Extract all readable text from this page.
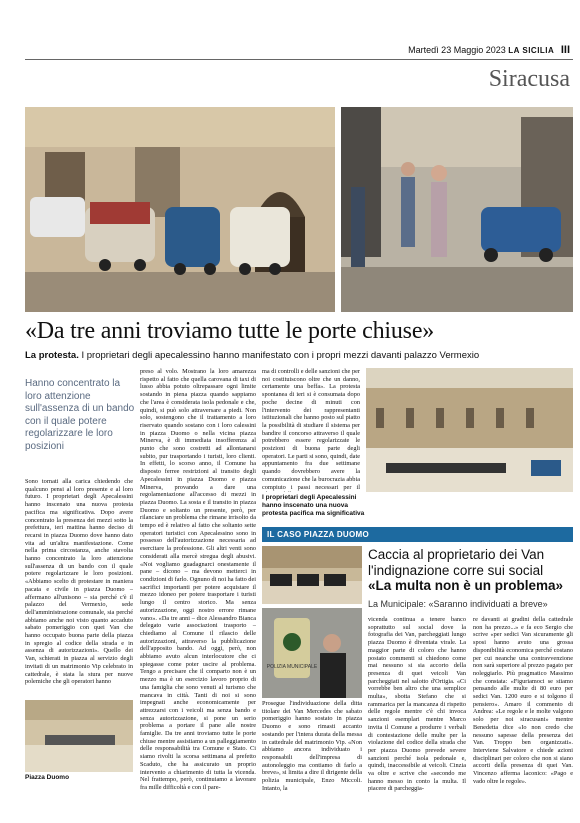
Martedì 23 Maggio 2023 LA SICILIA III
Siracusa
«Da tre anni troviamo tutte le porte chiuse»
La protesta. I proprietari degli apecalessino hanno manifestato con i propri mezzi davanti palazzo Vermexio
Hanno concentrato la loro attenzione sull'assenza di un bando con il quale potere regolarizzare le loro posizioni
Sono tornati alla carica chiedendo che qualcuno pensi al loro presente e al loro futuro. I proprietari degli Apecalessini hanno inscenato una nuova protesta pacifica ma significativa. Dopo avere concentrato la presenza dei mezzi sotto la prefettura, ieri mattina hanno deciso di recarsi in piazza Duomo dove hanno dato vita ad un'altra manifestazione. Come nella prima circostanza, anche stavolta hanno concentrato la loro attenzione sull'assenza di un bando con il quale potere regolarizzare le loro posizioni. «Abbiamo scelto di protestare in maniera pacata e civile in piazza Duomo – affermano all'unisono – sia perché c'è il palazzo del Vermexio, sede dell'amministrazione comunale, sia perché abbiamo anche noi visto quanto accaduto sabato pomeriggio con quei Van che hanno occupato buona parte della piazza in spregio al codice della strada e in assenza di autorizzazioni». Quello dei Van, schierati in piazza al servizio degli invitati di un matrimonio Vip celebrato in cattedrale, è stata la stura per nuove polemiche che gli operatori hanno
Piazza Duomo
preso al volo. Mostrano la loro amarezza rispetto al fatto che quella carovana di taxi di lusso abbia potuto oltrepassare ogni limite sostando in piena piazza quando sappiamo che l'area è considerata isola pedonale e che, quindi, si può solo attraversare a piedi. Non solo, sostengono che il trattamento a loro riservato quando sostano con i loro calessini in piazza Duomo o nella vicina piazza Minerva, è di immediata insofferenza al punto che sono costretti ad allontanarsi subito, pur trasportando i turisti, loro clienti. In effetti, lo scorso anno, il Comune ha disposto ferree restrizioni al transito degli Apecalessini in piazza Duomo e piazza Minerva, provando a dare una regolamentazione all'accesso di mezzi in piazza Duomo. La sosta e il transito in piazza Duomo e soltanto un presente, però, per rilanciare un problema che rimane irrisolto da tempo ed è relativo al fatto che soltanto sette operatori turistici con Apecalessino sono in possesso dell'autorizzazione necessaria ad esercitare la professione. Gli altri venti sono considerati alla mercè stregua degli abusivi. «Noi vogliamo guadagnarci onestamente il pane – dicono – ma devono metterci in condizioni di farlo. Ognuno di noi ha fatto dei sacrifici importanti per potere acquistare il mezzo idoneo per potere trasportare i turisti lungo il centro storico. Ma senza autorizzazione, oggi nostro errore rimane vano». «Da tre anni – dice Alessandro Bianca delegato varie associazioni trasporto – chiediamo al Comune il rilascio delle autorizzazioni, attraverso la pubblicazione dell'apposito bando. Ad oggi, però, non abbiamo avuto alcun interlocutore che ci spiegasse come poter uscire al problema. Tengo a precisare che il comparto non è un mezzo ma è un esercizio lavoro proprio di una famiglia che sono venuti al turismo che mancava in città. Tanti di noi si sono impegnati anche economicamente per attrezzarsi con i veicoli ma senza bando e senza autorizzazione, si pone un serio problema a portare il pane alle nostre famiglie. Da tre anni troviamo tutte le porte chiuse mentre assistiamo a un palleggiamento delle responsabilità tra Comune e Stato. Ci siamo rivolti la scorsa settimana al prefetto Scaduto, che ha assicurato un proprio intervento a chiarimento di tutta la vicenda. Nel frattempo, però, continuiamo a lavorare fra mille difficoltà e con il pare-
ma di controlli e delle sanzioni che per noi costituiscono oltre che un danno, certamente una beffa». La protesta spontanea di ieri si è consumata dopo poche decine di minuti con l'intervento dei rappresentanti istituzionali che hanno posto sul piatto la possibilità di studiare il sistema per bandire il concorso attraverso il quale potrebbero essere regolarizzate le posizioni di buona parte degli operatori. Le parti si sono, quindi, date appuntamento fra due settimane quando dovrebbero avere la comunicazione che la burocrazia abbia compiuto i passi necessari per il
I proprietari degli Apecalessini hanno inscenato una nuova protesta pacifica ma significativa
IL CASO PIAZZA DUOMO
POLIZIA MUNICIPALE
Caccia al proprietario dei Van l'indignazione corre sui social
«La multa non è un problema»
La Municipale: «Saranno individuati a breve»
Prosegue l'individuazione della ditta titolare dei Van Mercedes che sabato pomeriggio hanno sostato in piazza Duomo e sono rimasti accanto sostando per l'intera durata della messa in cattedrale del matrimonio Vip. «Non abbiamo ancora individuato i responsabili dell'impresa di autonoleggio ma contiamo di farlo a breve», si limita a dire il dirigente della polizia municipale, Enzo Miccoli. Intanto, la
vicenda continua a tenere banco soprattutto sul social dove la fotografia dei Van, parcheggiati lungo piazza Duomo è diventata virale. La maggior parte di coloro che hanno postato commenti si chiedono come mai nessuno si sia accorto della presenza di quei veicoli Van parcheggiati nel salotto d'Ortigia. «Ci vorrebbe ben altro che una semplice multa», sbotta Stefano che si rammarica per la mancanza di rispetto delle regole mentre c'è chi invoca sanzioni esemplari mentre Marco invita il Comune a produrre i verbali di contestazione delle multe per la violazione del codice della strada che per piazza Duomo prevede severe sanzioni perché isola pedonale e, quindi, inaccessibile ai veicoli. Cinzia va oltre e scrive che «secondo me hanno messo in conto la multa. Il piacere di parcheggia-
re davanti ai gradini della cattedrale non ha prezzo...» e fa eco Sergio che scrive «per sedici Van sicuramente gli sposi hanno avuto una grossa disponibilità economica perché costano per cui neanche una contravvenzione non sarà superiore al prezzo pagato per noleggiarlo. Più pragmatico Massimo che constata: «Figuriamoci se stiamo pensando alle multe di 80 euro per sedici Van. 1200 euro e si tolgono il pensiero». Amaro il commento di Andrea: «Le regole e le molte valgono solo per noi siracusani» mentre Benedetta dice «Io non credo che nessuno sapesse della presenza dei Van. Troppo ben organizzati». Interviene Salvatore e chiede azioni disciplinari per coloro che non si siano accorti della presenza di quei Van. Vincenzo afferma laconico: «Pago e vado oltre le regole».
